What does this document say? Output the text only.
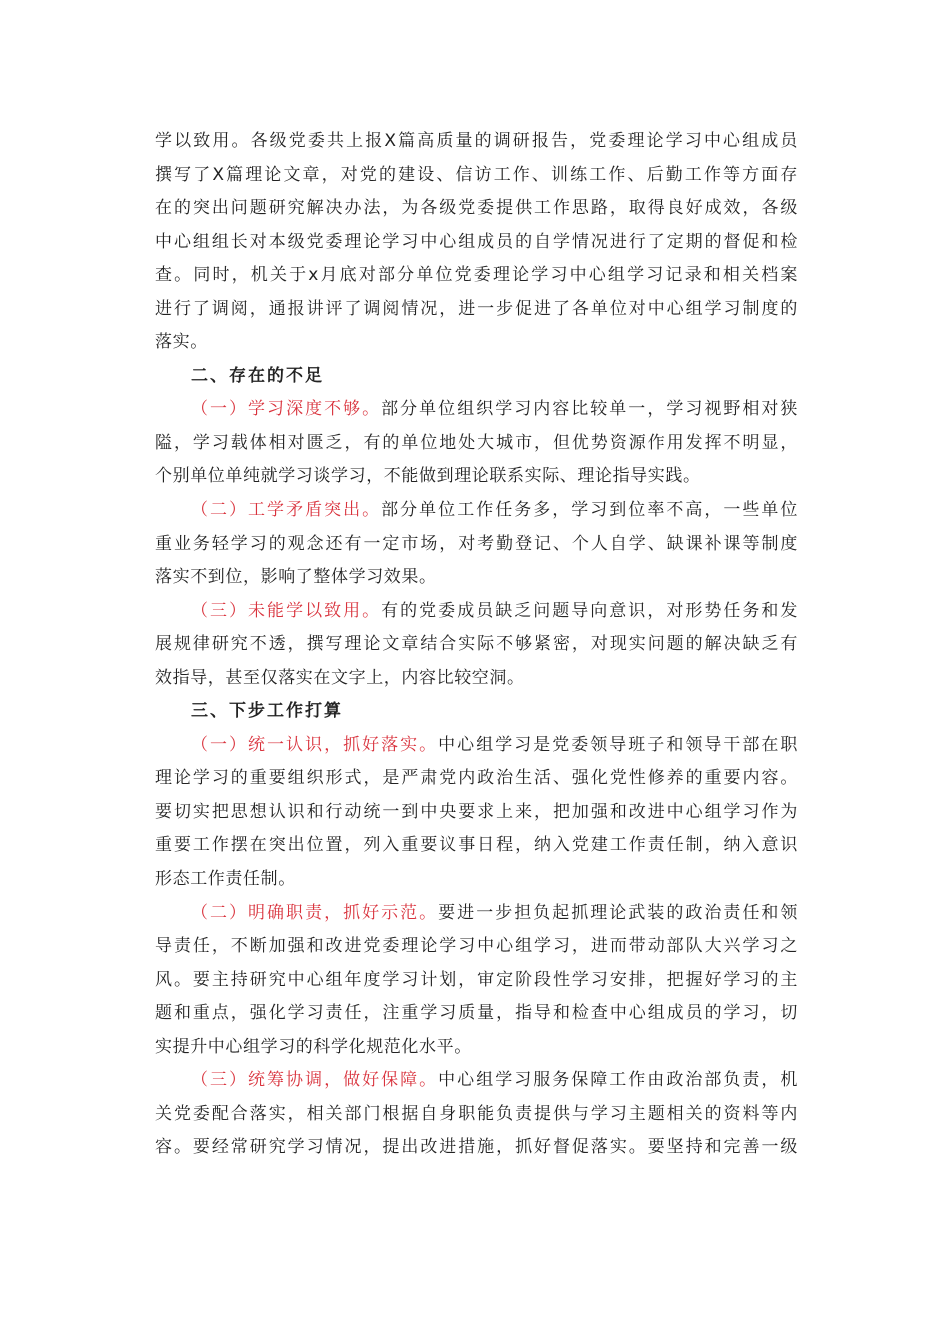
学以致用。各级党委共上报X篇高质量的调研报告，党委理论学习中心组成员
撰写了X篇理论文章，对党的建设、信访工作、训练工作、后勤工作等方面存
在的突出问题研究解决办法，为各级党委提供工作思路，取得良好成效，各级
中心组组长对本级党委理论学习中心组成员的自学情况进行了定期的督促和检
查。同时，机关于x月底对部分单位党委理论学习中心组学习记录和相关档案
进行了调阅，通报讲评了调阅情况，进一步促进了各单位对中心组学习制度的
落实。
二、存在的不足
（一）学习深度不够。部分单位组织学习内容比较单一，学习视野相对狭
隘，学习载体相对匮乏，有的单位地处大城市，但优势资源作用发挥不明显，
个别单位单纯就学习谈学习，不能做到理论联系实际、理论指导实践。
（二）工学矛盾突出。部分单位工作任务多，学习到位率不高，一些单位
重业务轻学习的观念还有一定市场，对考勤登记、个人自学、缺课补课等制度
落实不到位，影响了整体学习效果。
（三）未能学以致用。有的党委成员缺乏问题导向意识，对形势任务和发
展规律研究不透，撰写理论文章结合实际不够紧密，对现实问题的解决缺乏有
效指导，甚至仅落实在文字上，内容比较空洞。
三、下步工作打算
（一）统一认识，抓好落实。中心组学习是党委领导班子和领导干部在职
理论学习的重要组织形式，是严肃党内政治生活、强化党性修养的重要内容。
要切实把思想认识和行动统一到中央要求上来，把加强和改进中心组学习作为
重要工作摆在突出位置，列入重要议事日程，纳入党建工作责任制，纳入意识
形态工作责任制。
（二）明确职责，抓好示范。要进一步担负起抓理论武装的政治责任和领
导责任，不断加强和改进党委理论学习中心组学习，进而带动部队大兴学习之
风。要主持研究中心组年度学习计划，审定阶段性学习安排，把握好学习的主
题和重点，强化学习责任，注重学习质量，指导和检查中心组成员的学习，切
实提升中心组学习的科学化规范化水平。
（三）统筹协调，做好保障。中心组学习服务保障工作由政治部负责，机
关党委配合落实，相关部门根据自身职能负责提供与学习主题相关的资料等内
容。要经常研究学习情况，提出改进措施，抓好督促落实。要坚持和完善一级
